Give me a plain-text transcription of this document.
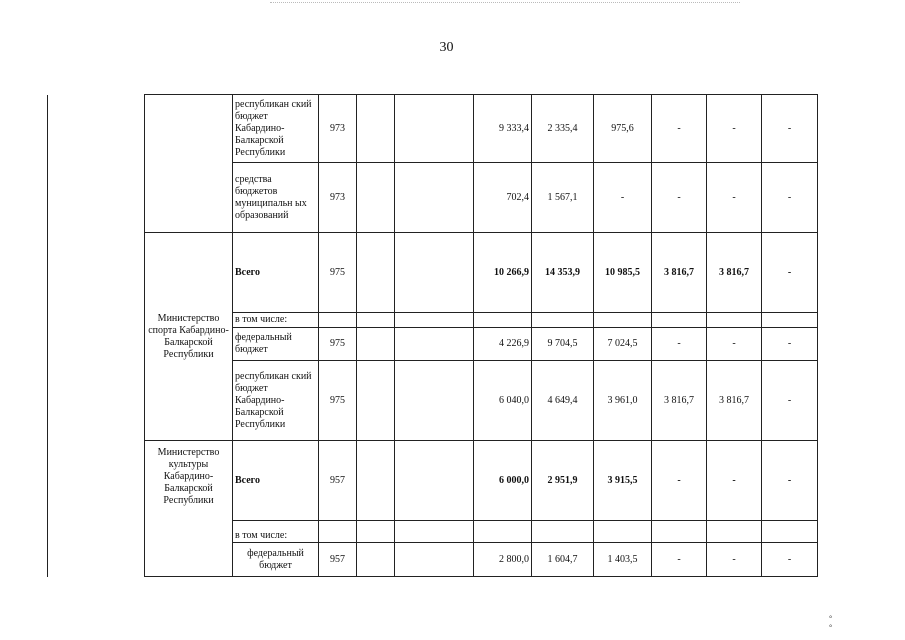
30
		республикан ский бюджет Кабардино-Балкарской Республики	973			9 333,4	2 335,4	975,6	-	-	-
		средства бюджетов муниципальн ых образований	973			702,4	1 567,1	-	-	-	-
	Министерство спорта Кабардино-Балкарской Республики	Всего	975			10 266,9	14 353,9	10 985,5	3 816,7	3 816,7	-
		в том числе:									
		федеральный бюджет	975			4 226,9	9 704,5	7 024,5	-	-	-
		республикан ский бюджет Кабардино-Балкарской Республики	975			6 040,0	4 649,4	3 961,0	3 816,7	3 816,7	-
	Министерство культуры Кабардино-Балкарской Республики	Всего	957			6 000,0	2 951,9	3 915,5	-	-	-
		в том числе:									
		федеральный бюджет	957			2 800,0	1 604,7	1 403,5	-	-	-
° °
